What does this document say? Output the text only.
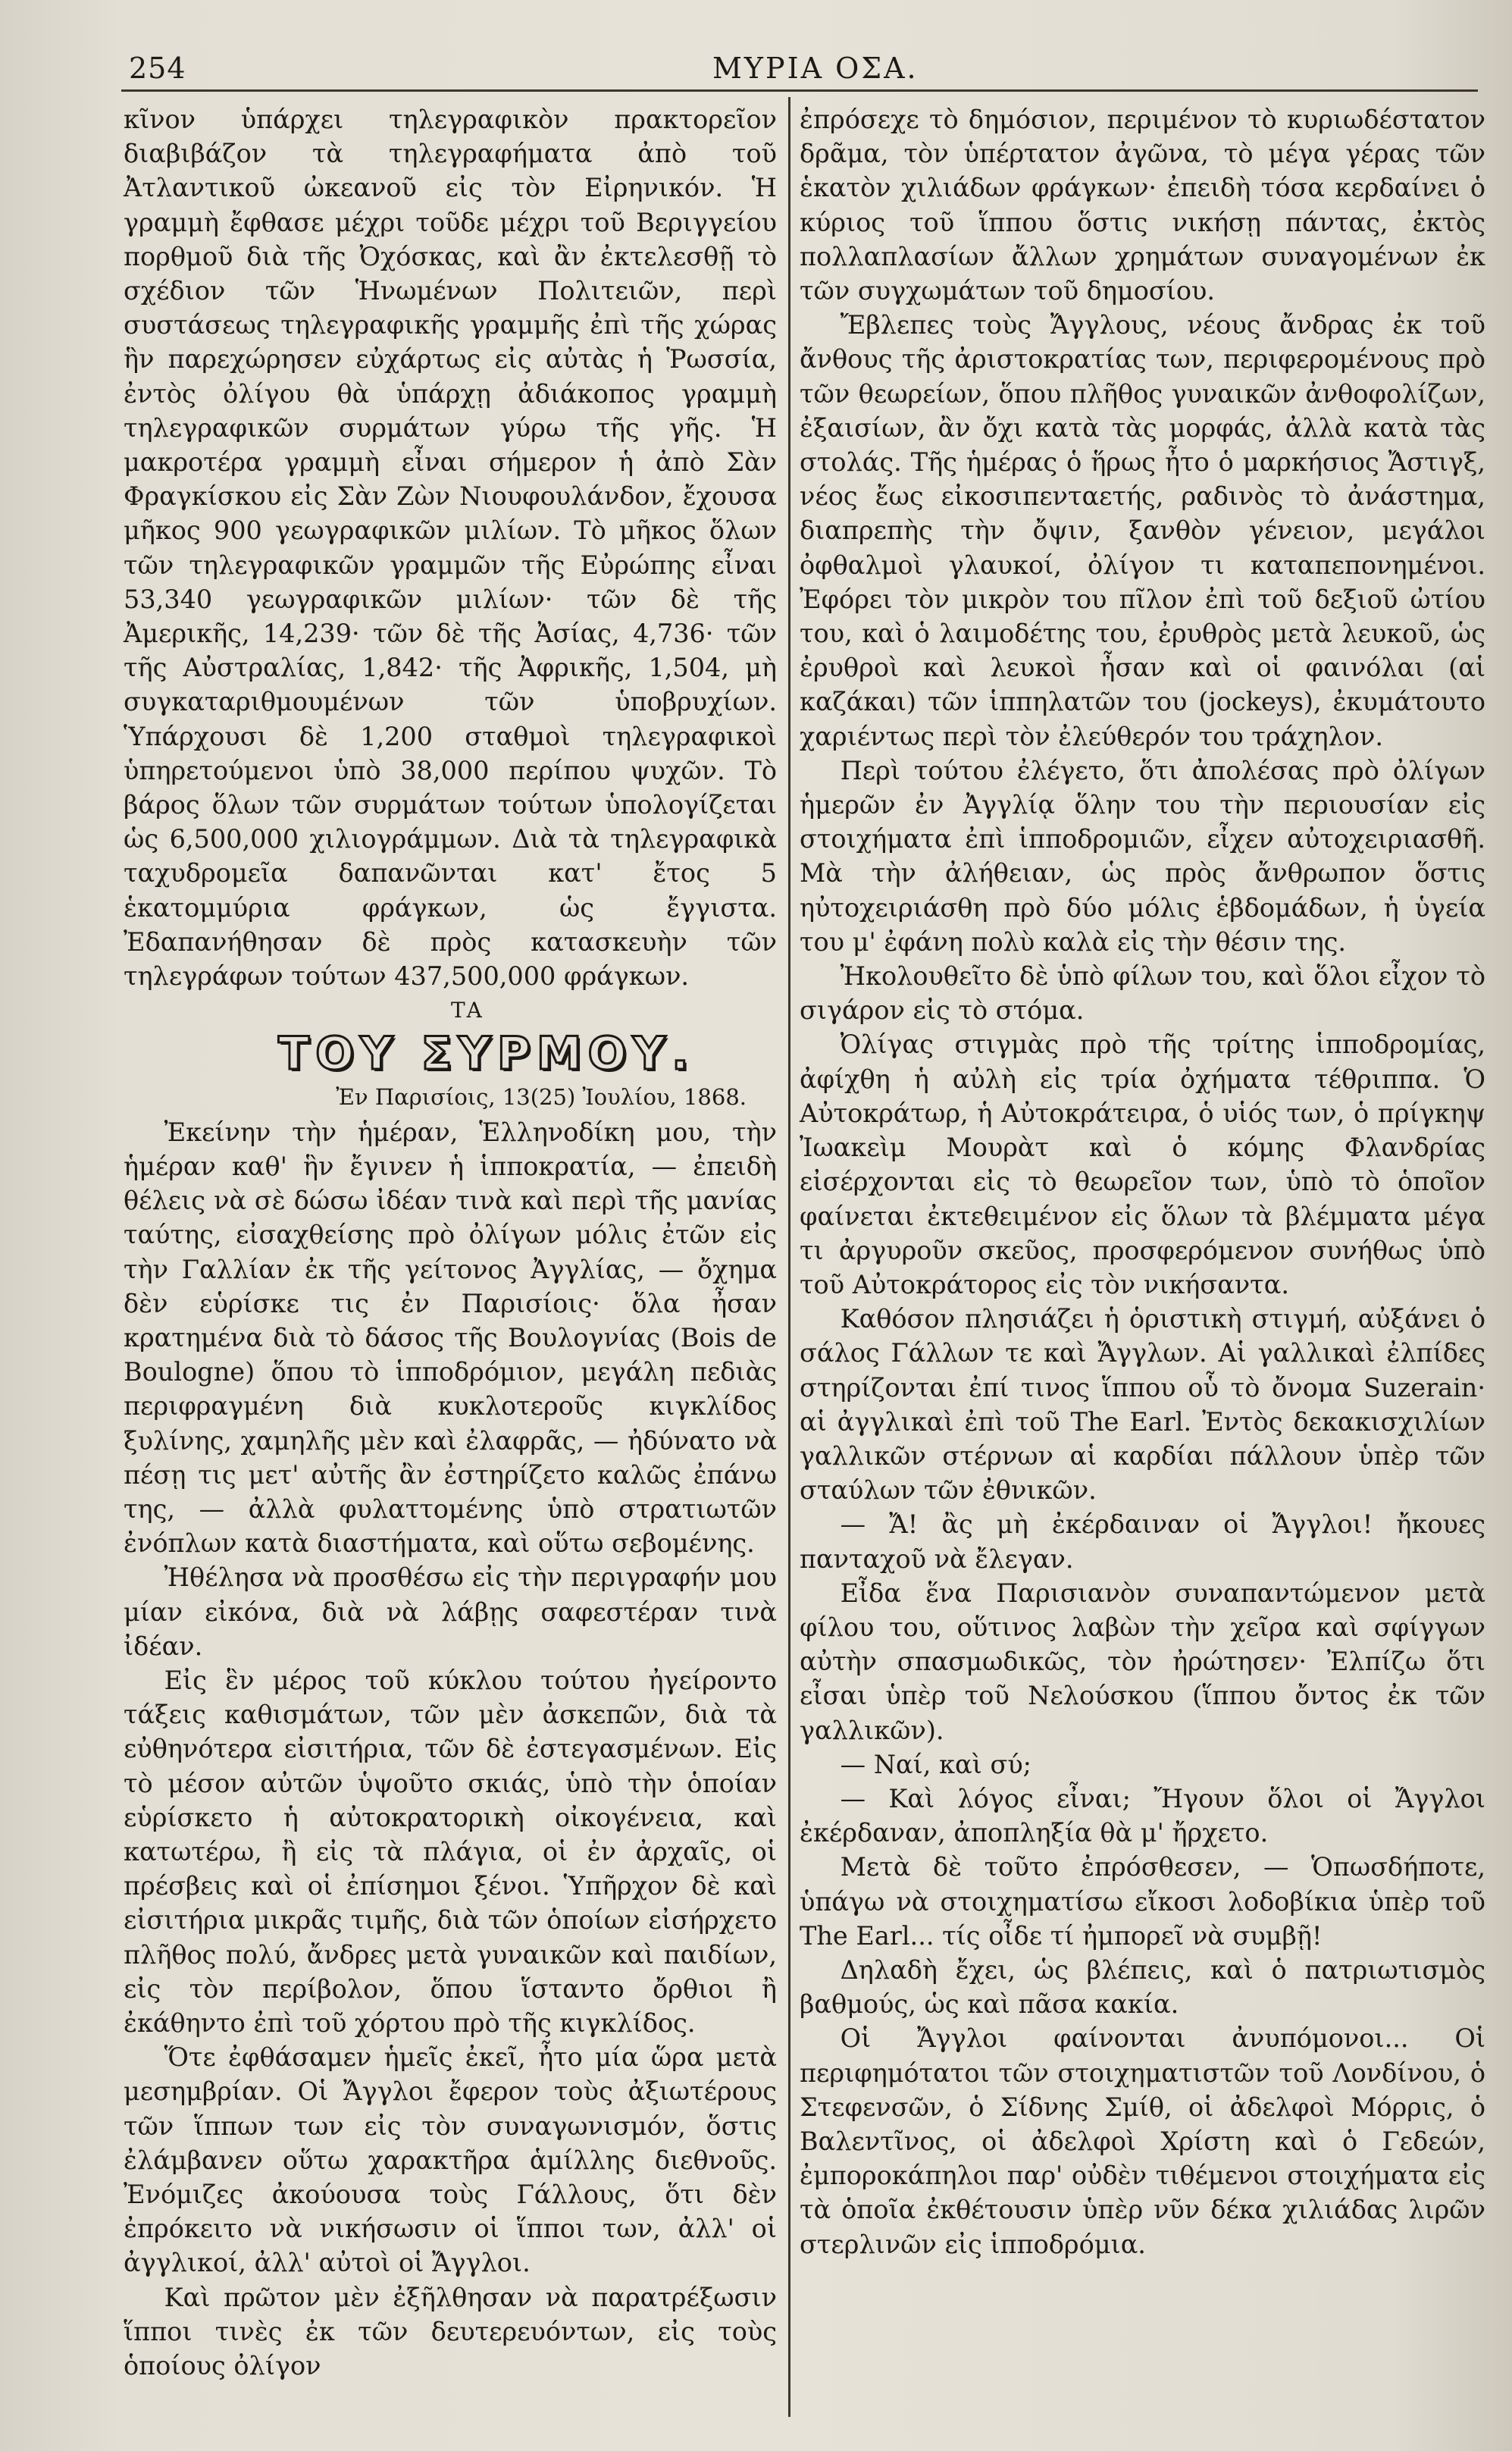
254	ΜΥΡΙΑ ΟΣΑ.

κῖνον ὑπάρχει τηλεγραφικὸν πρακτορεῖον διαβιβάζον τὰ τηλεγραφήματα ἀπὸ τοῦ Ἀτλαντικοῦ ὠκεανοῦ εἰς τὸν Εἰρηνικόν. Ἡ γραμμὴ ἔφθασε μέχρι τοῦδε μέχρι τοῦ Βεριγγείου πορθμοῦ διὰ τῆς Ὀχόσκας, καὶ ἂν ἐκτελεσθῇ τὸ σχέδιον τῶν Ἡνωμένων Πολιτειῶν, περὶ συστάσεως τηλεγραφικῆς γραμμῆς ἐπὶ τῆς χώρας ἣν παρεχώρησεν εὐχάρτως εἰς αὐτὰς ἡ Ῥωσσία, ἐντὸς ὀλίγου θὰ ὑπάρχῃ ἀδιάκοπος γραμμὴ τηλεγραφικῶν συρμάτων γύρω τῆς γῆς. Ἡ μακροτέρα γραμμὴ εἶναι σήμερον ἡ ἀπὸ Σὰν Φραγκίσκου εἰς Σὰν Ζὼν Νιουφουλάνδον, ἔχουσα μῆκος 900 γεωγραφικῶν μιλίων. Τὸ μῆκος ὅλων τῶν τηλεγραφικῶν γραμμῶν τῆς Εὐρώπης εἶναι 53,340 γεωγραφικῶν μιλίων· τῶν δὲ τῆς Ἀμερικῆς, 14,239· τῶν δὲ τῆς Ἀσίας, 4,736· τῶν τῆς Αὐστραλίας, 1,842· τῆς Ἀφρικῆς, 1,504, μὴ συγκαταριθμουμένων τῶν ὑποβρυχίων. Ὑπάρχουσι δὲ 1,200 σταθμοὶ τηλεγραφικοὶ ὑπηρετούμενοι ὑπὸ 38,000 περίπου ψυχῶν. Τὸ βάρος ὅλων τῶν συρμάτων τούτων ὑπολογίζεται ὡς 6,500,000 χιλιογράμμων. Διὰ τὰ τηλεγραφικὰ ταχυδρομεῖα δαπανῶνται κατ' ἔτος 5 ἑκατομμύρια φράγκων, ὡς ἔγγιστα. Ἐδαπανήθησαν δὲ πρὸς κατασκευὴν τῶν τηλεγράφων τούτων 437,500,000 φράγκων.

ΤΑ

ΤΟΥ ΣΥΡΜΟΥ.

Ἐν Παρισίοις, 13(25) Ἰουλίου, 1868.

Ἐκείνην τὴν ἡμέραν, Ἑλληνοδίκη μου, τὴν ἡμέραν καθ' ἣν ἔγινεν ἡ ἱπποκρατία, — ἐπειδὴ θέλεις νὰ σὲ δώσω ἰδέαν τινὰ καὶ περὶ τῆς μανίας ταύτης, εἰσαχθείσης πρὸ ὀλίγων μόλις ἐτῶν εἰς τὴν Γαλλίαν ἐκ τῆς γείτονος Ἀγγλίας, — ὄχημα δὲν εὑρίσκε τις ἐν Παρισίοις· ὅλα ἦσαν κρατημένα διὰ τὸ δάσος τῆς Βουλογνίας (Bois de Boulogne) ὅπου τὸ ἱπποδρόμιον, μεγάλη πεδιὰς περιφραγμένη διὰ κυκλοτεροῦς κιγκλίδος ξυλίνης, χαμηλῆς μὲν καὶ ἐλαφρᾶς, — ἠδύνατο νὰ πέσῃ τις μετ' αὐτῆς ἂν ἐστηρίζετο καλῶς ἐπάνω της, — ἀλλὰ φυλαττομένης ὑπὸ στρατιωτῶν ἐνόπλων κατὰ διαστήματα, καὶ οὕτω σεβομένης.

Ἠθέλησα νὰ προσθέσω εἰς τὴν περιγραφήν μου μίαν εἰκόνα, διὰ νὰ λάβῃς σαφεστέραν τινὰ ἰδέαν.

Εἰς ἓν μέρος τοῦ κύκλου τούτου ἠγείροντο τάξεις καθισμάτων, τῶν μὲν ἀσκεπῶν, διὰ τὰ εὐθηνότερα εἰσιτήρια, τῶν δὲ ἐστεγασμένων. Εἰς τὸ μέσον αὐτῶν ὑψοῦτο σκιάς, ὑπὸ τὴν ὁποίαν εὑρίσκετο ἡ αὐτοκρατορικὴ οἰκογένεια, καὶ κατωτέρω, ἢ εἰς τὰ πλάγια, οἱ ἐν ἀρχαῖς, οἱ πρέσβεις καὶ οἱ ἐπίσημοι ξένοι. Ὑπῆρχον δὲ καὶ εἰσιτήρια μικρᾶς τιμῆς, διὰ τῶν ὁποίων εἰσήρχετο πλῆθος πολύ, ἄνδρες μετὰ γυναικῶν καὶ παιδίων, εἰς τὸν περίβολον, ὅπου ἵσταντο ὄρθιοι ἢ ἐκάθηντο ἐπὶ τοῦ χόρτου πρὸ τῆς κιγκλίδος.

Ὅτε ἐφθάσαμεν ἡμεῖς ἐκεῖ, ἦτο μία ὥρα μετὰ μεσημβρίαν. Οἱ Ἄγγλοι ἔφερον τοὺς ἀξιωτέρους τῶν ἵππων των εἰς τὸν συναγωνισμόν, ὅστις ἐλάμβανεν οὕτω χαρακτῆρα ἁμίλλης διεθνοῦς. Ἐνόμιζες ἀκούουσα τοὺς Γάλλους, ὅτι δὲν ἐπρόκειτο νὰ νικήσωσιν οἱ ἵπποι των, ἀλλ' οἱ ἀγγλικοί, ἀλλ' αὐτοὶ οἱ Ἄγγλοι.

Καὶ πρῶτον μὲν ἐξῆλθησαν νὰ παρατρέξωσιν ἵπποι τινὲς ἐκ τῶν δευτερευόντων, εἰς τοὺς ὁποίους ὀλίγον

ἐπρόσεχε τὸ δημόσιον, περιμένον τὸ κυριωδέστατον δρᾶμα, τὸν ὑπέρτατον ἀγῶνα, τὸ μέγα γέρας τῶν ἑκατὸν χιλιάδων φράγκων· ἐπειδὴ τόσα κερδαίνει ὁ κύριος τοῦ ἵππου ὅστις νικήσῃ πάντας, ἐκτὸς πολλαπλασίων ἄλλων χρημάτων συναγομένων ἐκ τῶν συγχωμάτων τοῦ δημοσίου.

Ἔβλεπες τοὺς Ἄγγλους, νέους ἄνδρας ἐκ τοῦ ἄνθους τῆς ἀριστοκρατίας των, περιφερομένους πρὸ τῶν θεωρείων, ὅπου πλῆθος γυναικῶν ἀνθοφολίζων, ἐξαισίων, ἂν ὄχι κατὰ τὰς μορφάς, ἀλλὰ κατὰ τὰς στολάς. Τῆς ἡμέρας ὁ ἥρως ἦτο ὁ μαρκήσιος Ἄστιγξ, νέος ἔως εἰκοσιπενταετής, ραδινὸς τὸ ἀνάστημα, διαπρεπὴς τὴν ὄψιν, ξανθὸν γένειον, μεγάλοι ὀφθαλμοὶ γλαυκοί, ὀλίγον τι καταπεπονημένοι. Ἐφόρει τὸν μικρὸν του πῖλον ἐπὶ τοῦ δεξιοῦ ὠτίου του, καὶ ὁ λαιμοδέτης του, ἐρυθρὸς μετὰ λευκοῦ, ὡς ἐρυθροὶ καὶ λευκοὶ ἦσαν καὶ οἱ φαινόλαι (αἱ καζάκαι) τῶν ἱππηλατῶν του (jockeys), ἐκυμάτουτο χαριέντως περὶ τὸν ἐλεύθερόν του τράχηλον.

Περὶ τούτου ἐλέγετο, ὅτι ἀπολέσας πρὸ ὀλίγων ἡμερῶν ἐν Ἀγγλίᾳ ὅλην του τὴν περιουσίαν εἰς στοιχήματα ἐπὶ ἱπποδρομιῶν, εἶχεν αὐτοχειριασθῆ. Μὰ τὴν ἀλήθειαν, ὡς πρὸς ἄνθρωπον ὅστις ηὐτοχειριάσθη πρὸ δύο μόλις ἑβδομάδων, ἡ ὑγεία του μ' ἐφάνη πολὺ καλὰ εἰς τὴν θέσιν της.

Ἠκολουθεῖτο δὲ ὑπὸ φίλων του, καὶ ὅλοι εἶχον τὸ σιγάρον εἰς τὸ στόμα.

Ὀλίγας στιγμὰς πρὸ τῆς τρίτης ἱπποδρομίας, ἀφίχθη ἡ αὐλὴ εἰς τρία ὀχήματα τέθριππα. Ὁ Αὐτοκράτωρ, ἡ Αὐτοκράτειρα, ὁ υἱός των, ὁ πρίγκηψ Ἰωακεὶμ Μουρὰτ καὶ ὁ κόμης Φλανδρίας εἰσέρχονται εἰς τὸ θεωρεῖον των, ὑπὸ τὸ ὁποῖον φαίνεται ἐκτεθειμένον εἰς ὅλων τὰ βλέμματα μέγα τι ἀργυροῦν σκεῦος, προσφερόμενον συνήθως ὑπὸ τοῦ Αὐτοκράτορος εἰς τὸν νικήσαντα.

Καθόσον πλησιάζει ἡ ὁριστικὴ στιγμή, αὐξάνει ὁ σάλος Γάλλων τε καὶ Ἄγγλων. Αἱ γαλλικαὶ ἐλπίδες στηρίζονται ἐπί τινος ἵππου οὗ τὸ ὄνομα Suzerain· αἱ ἀγγλικαὶ ἐπὶ τοῦ The Earl. Ἐντὸς δεκακισχιλίων γαλλικῶν στέρνων αἱ καρδίαι πάλλουν ὑπὲρ τῶν σταύλων τῶν ἐθνικῶν.

— Ἄ! ἂς μὴ ἐκέρδαιναν οἱ Ἄγγλοι! ἤκουες πανταχοῦ νὰ ἔλεγαν.

Εἶδα ἕνα Παρισιανὸν συναπαντώμενον μετὰ φίλου του, οὕτινος λαβὼν τὴν χεῖρα καὶ σφίγγων αὐτὴν σπασμωδικῶς, τὸν ἠρώτησεν· Ἐλπίζω ὅτι εἶσαι ὑπὲρ τοῦ Νελούσκου (ἵππου ὄντος ἐκ τῶν γαλλικῶν).

— Ναί, καὶ σύ;

— Καὶ λόγος εἶναι; Ἤγουν ὅλοι οἱ Ἄγγλοι ἐκέρδαναν, ἀποπληξία θὰ μ' ἤρχετο.

Μετὰ δὲ τοῦτο ἐπρόσθεσεν, — Ὁπωσδήποτε, ὑπάγω νὰ στοιχηματίσω εἴκοσι λοδοβίκια ὑπὲρ τοῦ The Earl... τίς οἶδε τί ἠμπορεῖ νὰ συμβῇ!

Δηλαδὴ ἔχει, ὡς βλέπεις, καὶ ὁ πατριωτισμὸς βαθμούς, ὡς καὶ πᾶσα κακία.

Οἱ Ἄγγλοι φαίνονται ἀνυπόμονοι... Οἱ περιφημότατοι τῶν στοιχηματιστῶν τοῦ Λονδίνου, ὁ Στεφενσῶν, ὁ Σίδνης Σμίθ, οἱ ἀδελφοὶ Μόρρις, ὁ Βαλεντῖνος, οἱ ἀδελφοὶ Χρίστη καὶ ὁ Γεδεών, ἐμποροκάπηλοι παρ' οὐδὲν τιθέμενοι στοιχήματα εἰς τὰ ὁποῖα ἐκθέτουσιν ὑπὲρ νῦν δέκα χιλιάδας λιρῶν στερλινῶν εἰς ἱπποδρόμια.
